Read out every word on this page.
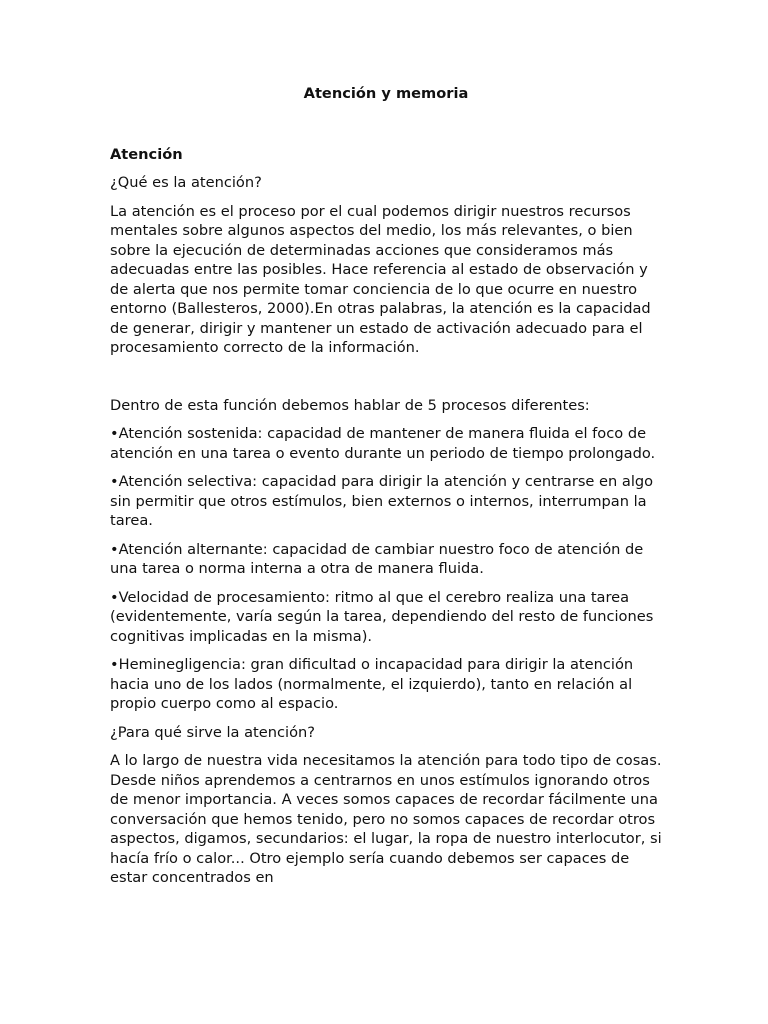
Atención y memoria
Atención

¿Qué es la atención?

La atención es el proceso por el cual podemos dirigir nuestros recursos mentales sobre algunos aspectos del medio, los más relevantes, o bien sobre la ejecución de determinadas acciones que consideramos más adecuadas entre las posibles. Hace referencia al estado de observación y de alerta que nos permite tomar conciencia de lo que ocurre en nuestro entorno (Ballesteros, 2000).En otras palabras, la atención es la capacidad de generar, dirigir y mantener un estado de activación adecuado para el procesamiento correcto de la información.

Dentro de esta función debemos hablar de 5 procesos diferentes:

•Atención sostenida: capacidad de mantener de manera fluida el foco de atención en una tarea o evento durante un periodo de tiempo prolongado.

•Atención selectiva: capacidad para dirigir la atención y centrarse en algo sin permitir que otros estímulos, bien externos o internos, interrumpan la tarea.

•Atención alternante: capacidad de cambiar nuestro foco de atención de una tarea o norma interna a otra de manera fluida.

•Velocidad de procesamiento: ritmo al que el cerebro realiza una tarea (evidentemente, varía según la tarea, dependiendo del resto de funciones cognitivas implicadas en la misma).

•Heminegligencia: gran dificultad o incapacidad para dirigir la atención hacia uno de los lados (normalmente, el izquierdo), tanto en relación al propio cuerpo como al espacio.

¿Para qué sirve la atención?

A lo largo de nuestra vida necesitamos la atención para todo tipo de cosas. Desde niños aprendemos a centrarnos en unos estímulos ignorando otros de menor importancia. A veces somos capaces de recordar fácilmente una conversación que hemos tenido, pero no somos capaces de recordar otros aspectos, digamos, secundarios: el lugar, la ropa de nuestro interlocutor, si hacía frío o calor... Otro ejemplo sería cuando debemos ser capaces de estar concentrados en
